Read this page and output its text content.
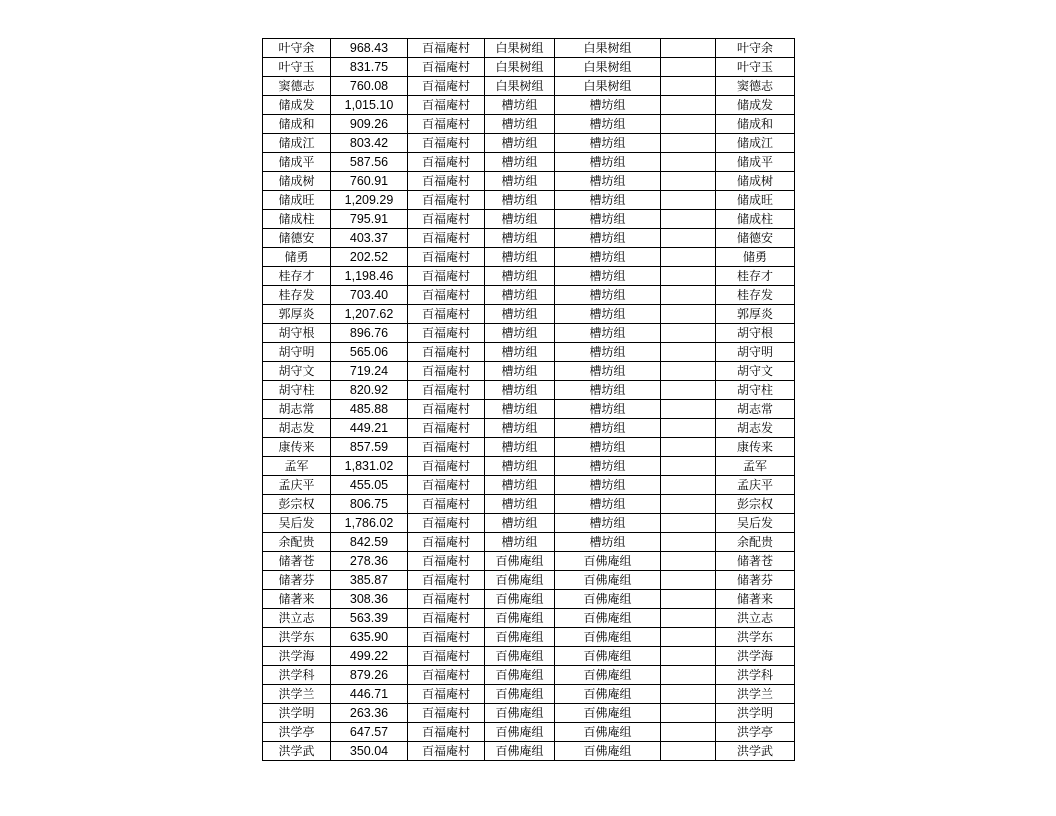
叶守余	968.43	百福庵村	白果树组	白果树组		叶守余
叶守玉	831.75	百福庵村	白果树组	白果树组		叶守玉
窦德志	760.08	百福庵村	白果树组	白果树组		窦德志
储成发	1,015.10	百福庵村	槽坊组	槽坊组		储成发
储成和	909.26	百福庵村	槽坊组	槽坊组		储成和
储成江	803.42	百福庵村	槽坊组	槽坊组		储成江
储成平	587.56	百福庵村	槽坊组	槽坊组		储成平
储成树	760.91	百福庵村	槽坊组	槽坊组		储成树
储成旺	1,209.29	百福庵村	槽坊组	槽坊组		储成旺
储成柱	795.91	百福庵村	槽坊组	槽坊组		储成柱
储德安	403.37	百福庵村	槽坊组	槽坊组		储德安
储勇	202.52	百福庵村	槽坊组	槽坊组		储勇
桂存才	1,198.46	百福庵村	槽坊组	槽坊组		桂存才
桂存发	703.40	百福庵村	槽坊组	槽坊组		桂存发
郭厚炎	1,207.62	百福庵村	槽坊组	槽坊组		郭厚炎
胡守根	896.76	百福庵村	槽坊组	槽坊组		胡守根
胡守明	565.06	百福庵村	槽坊组	槽坊组		胡守明
胡守文	719.24	百福庵村	槽坊组	槽坊组		胡守文
胡守柱	820.92	百福庵村	槽坊组	槽坊组		胡守柱
胡志常	485.88	百福庵村	槽坊组	槽坊组		胡志常
胡志发	449.21	百福庵村	槽坊组	槽坊组		胡志发
康传来	857.59	百福庵村	槽坊组	槽坊组		康传来
孟军	1,831.02	百福庵村	槽坊组	槽坊组		孟军
孟庆平	455.05	百福庵村	槽坊组	槽坊组		孟庆平
彭宗权	806.75	百福庵村	槽坊组	槽坊组		彭宗权
吴后发	1,786.02	百福庵村	槽坊组	槽坊组		吴后发
余配贵	842.59	百福庵村	槽坊组	槽坊组		余配贵
储著苍	278.36	百福庵村	百佛庵组	百佛庵组		储著苍
储著芬	385.87	百福庵村	百佛庵组	百佛庵组		储著芬
储著来	308.36	百福庵村	百佛庵组	百佛庵组		储著来
洪立志	563.39	百福庵村	百佛庵组	百佛庵组		洪立志
洪学东	635.90	百福庵村	百佛庵组	百佛庵组		洪学东
洪学海	499.22	百福庵村	百佛庵组	百佛庵组		洪学海
洪学科	879.26	百福庵村	百佛庵组	百佛庵组		洪学科
洪学兰	446.71	百福庵村	百佛庵组	百佛庵组		洪学兰
洪学明	263.36	百福庵村	百佛庵组	百佛庵组		洪学明
洪学亭	647.57	百福庵村	百佛庵组	百佛庵组		洪学亭
洪学武	350.04	百福庵村	百佛庵组	百佛庵组		洪学武
